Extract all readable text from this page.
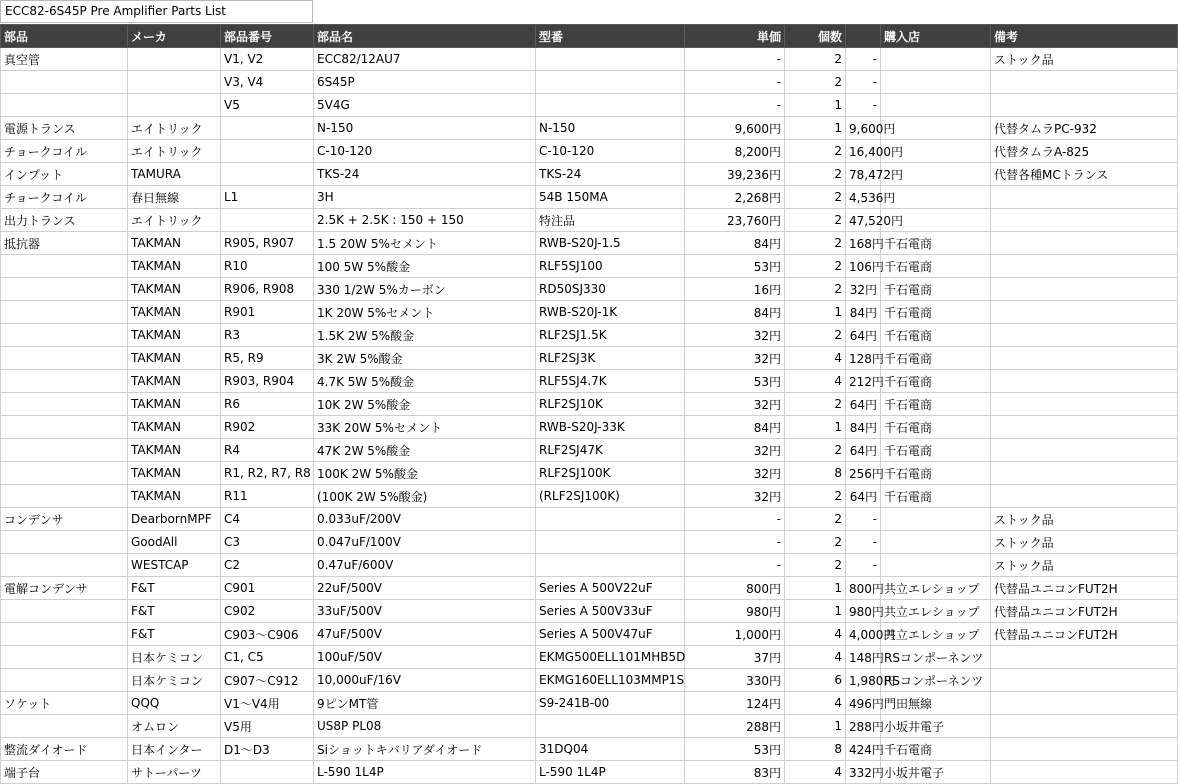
ECC82-6S45P Pre Amplifier Parts List
部品	メーカ	部品番号	部品名	型番	単価	個数		購入店	備考
真空管		V1, V2	ECC82/12AU7		-	2	-		ストック品
		V3, V4	6S45P		-	2	-		
		V5	5V4G		-	1	-		
電源トランス	エイトリック		N-150	N-150	9,600円	1	9,600円		代替タムラPC-932
チョークコイル	エイトリック		C-10-120	C-10-120	8,200円	2	16,400円		代替タムラA-825
インプット	TAMURA		TKS-24	TKS-24	39,236円	2	78,472円		代替各種MCトランス
チョークコイル	春日無線	L1	3H	54B 150MA	2,268円	2	4,536円		
出力トランス	エイトリック		2.5K + 2.5K : 150 + 150	特注品	23,760円	2	47,520円		
抵抗器	TAKMAN	R905, R907	1.5 20W 5%セメント	RWB-S20J-1.5	84円	2	168円	千石電商	
	TAKMAN	R10	100 5W 5%酸金	RLF5SJ100	53円	2	106円	千石電商	
	TAKMAN	R906, R908	330 1/2W 5%カーボン	RD50SJ330	16円	2	32円	千石電商	
	TAKMAN	R901	1K 20W 5%セメント	RWB-S20J-1K	84円	1	84円	千石電商	
	TAKMAN	R3	1.5K 2W 5%酸金	RLF2SJ1.5K	32円	2	64円	千石電商	
	TAKMAN	R5, R9	3K 2W 5%酸金	RLF2SJ3K	32円	4	128円	千石電商	
	TAKMAN	R903, R904	4.7K 5W 5%酸金	RLF5SJ4.7K	53円	4	212円	千石電商	
	TAKMAN	R6	10K 2W 5%酸金	RLF2SJ10K	32円	2	64円	千石電商	
	TAKMAN	R902	33K 20W 5%セメント	RWB-S20J-33K	84円	1	84円	千石電商	
	TAKMAN	R4	47K 2W 5%酸金	RLF2SJ47K	32円	2	64円	千石電商	
	TAKMAN	R1, R2, R7, R8	100K 2W 5%酸金	RLF2SJ100K	32円	8	256円	千石電商	
	TAKMAN	R11	(100K 2W 5%酸金)	(RLF2SJ100K)	32円	2	64円	千石電商	
コンデンサ	DearbornMPF	C4	0.033uF/200V		-	2	-		ストック品
	GoodAll	C3	0.047uF/100V		-	2	-		ストック品
	WESTCAP	C2	0.47uF/600V		-	2	-		ストック品
電解コンデンサ	F&T	C901	22uF/500V	Series A 500V22uF	800円	1	800円	共立エレショップ	代替品ユニコンFUT2H
	F&T	C902	33uF/500V	Series A 500V33uF	980円	1	980円	共立エレショップ	代替品ユニコンFUT2H
	F&T	C903～C906	47uF/500V	Series A 500V47uF	1,000円	4	4,000円	共立エレショップ	代替品ユニコンFUT2H
	日本ケミコン	C1, C5	100uF/50V	EKMG500ELL101MHB5D	37円	4	148円	RSコンポーネンツ	
	日本ケミコン	C907～C912	10,000uF/16V	EKMG160ELL103MMP1S	330円	6	1,980円	RSコンポーネンツ	
ソケット	QQQ	V1～V4用	9ピンMT管	S9-241B-00	124円	4	496円	門田無線	
	オムロン	V5用	US8P PL08		288円	1	288円	小坂井電子	
整流ダイオード	日本インター	D1～D3	Siショットキバリアダイオード	31DQ04	53円	8	424円	千石電商	
端子台	サトーパーツ		L-590 1L4P	L-590 1L4P	83円	4	332円	小坂井電子	
